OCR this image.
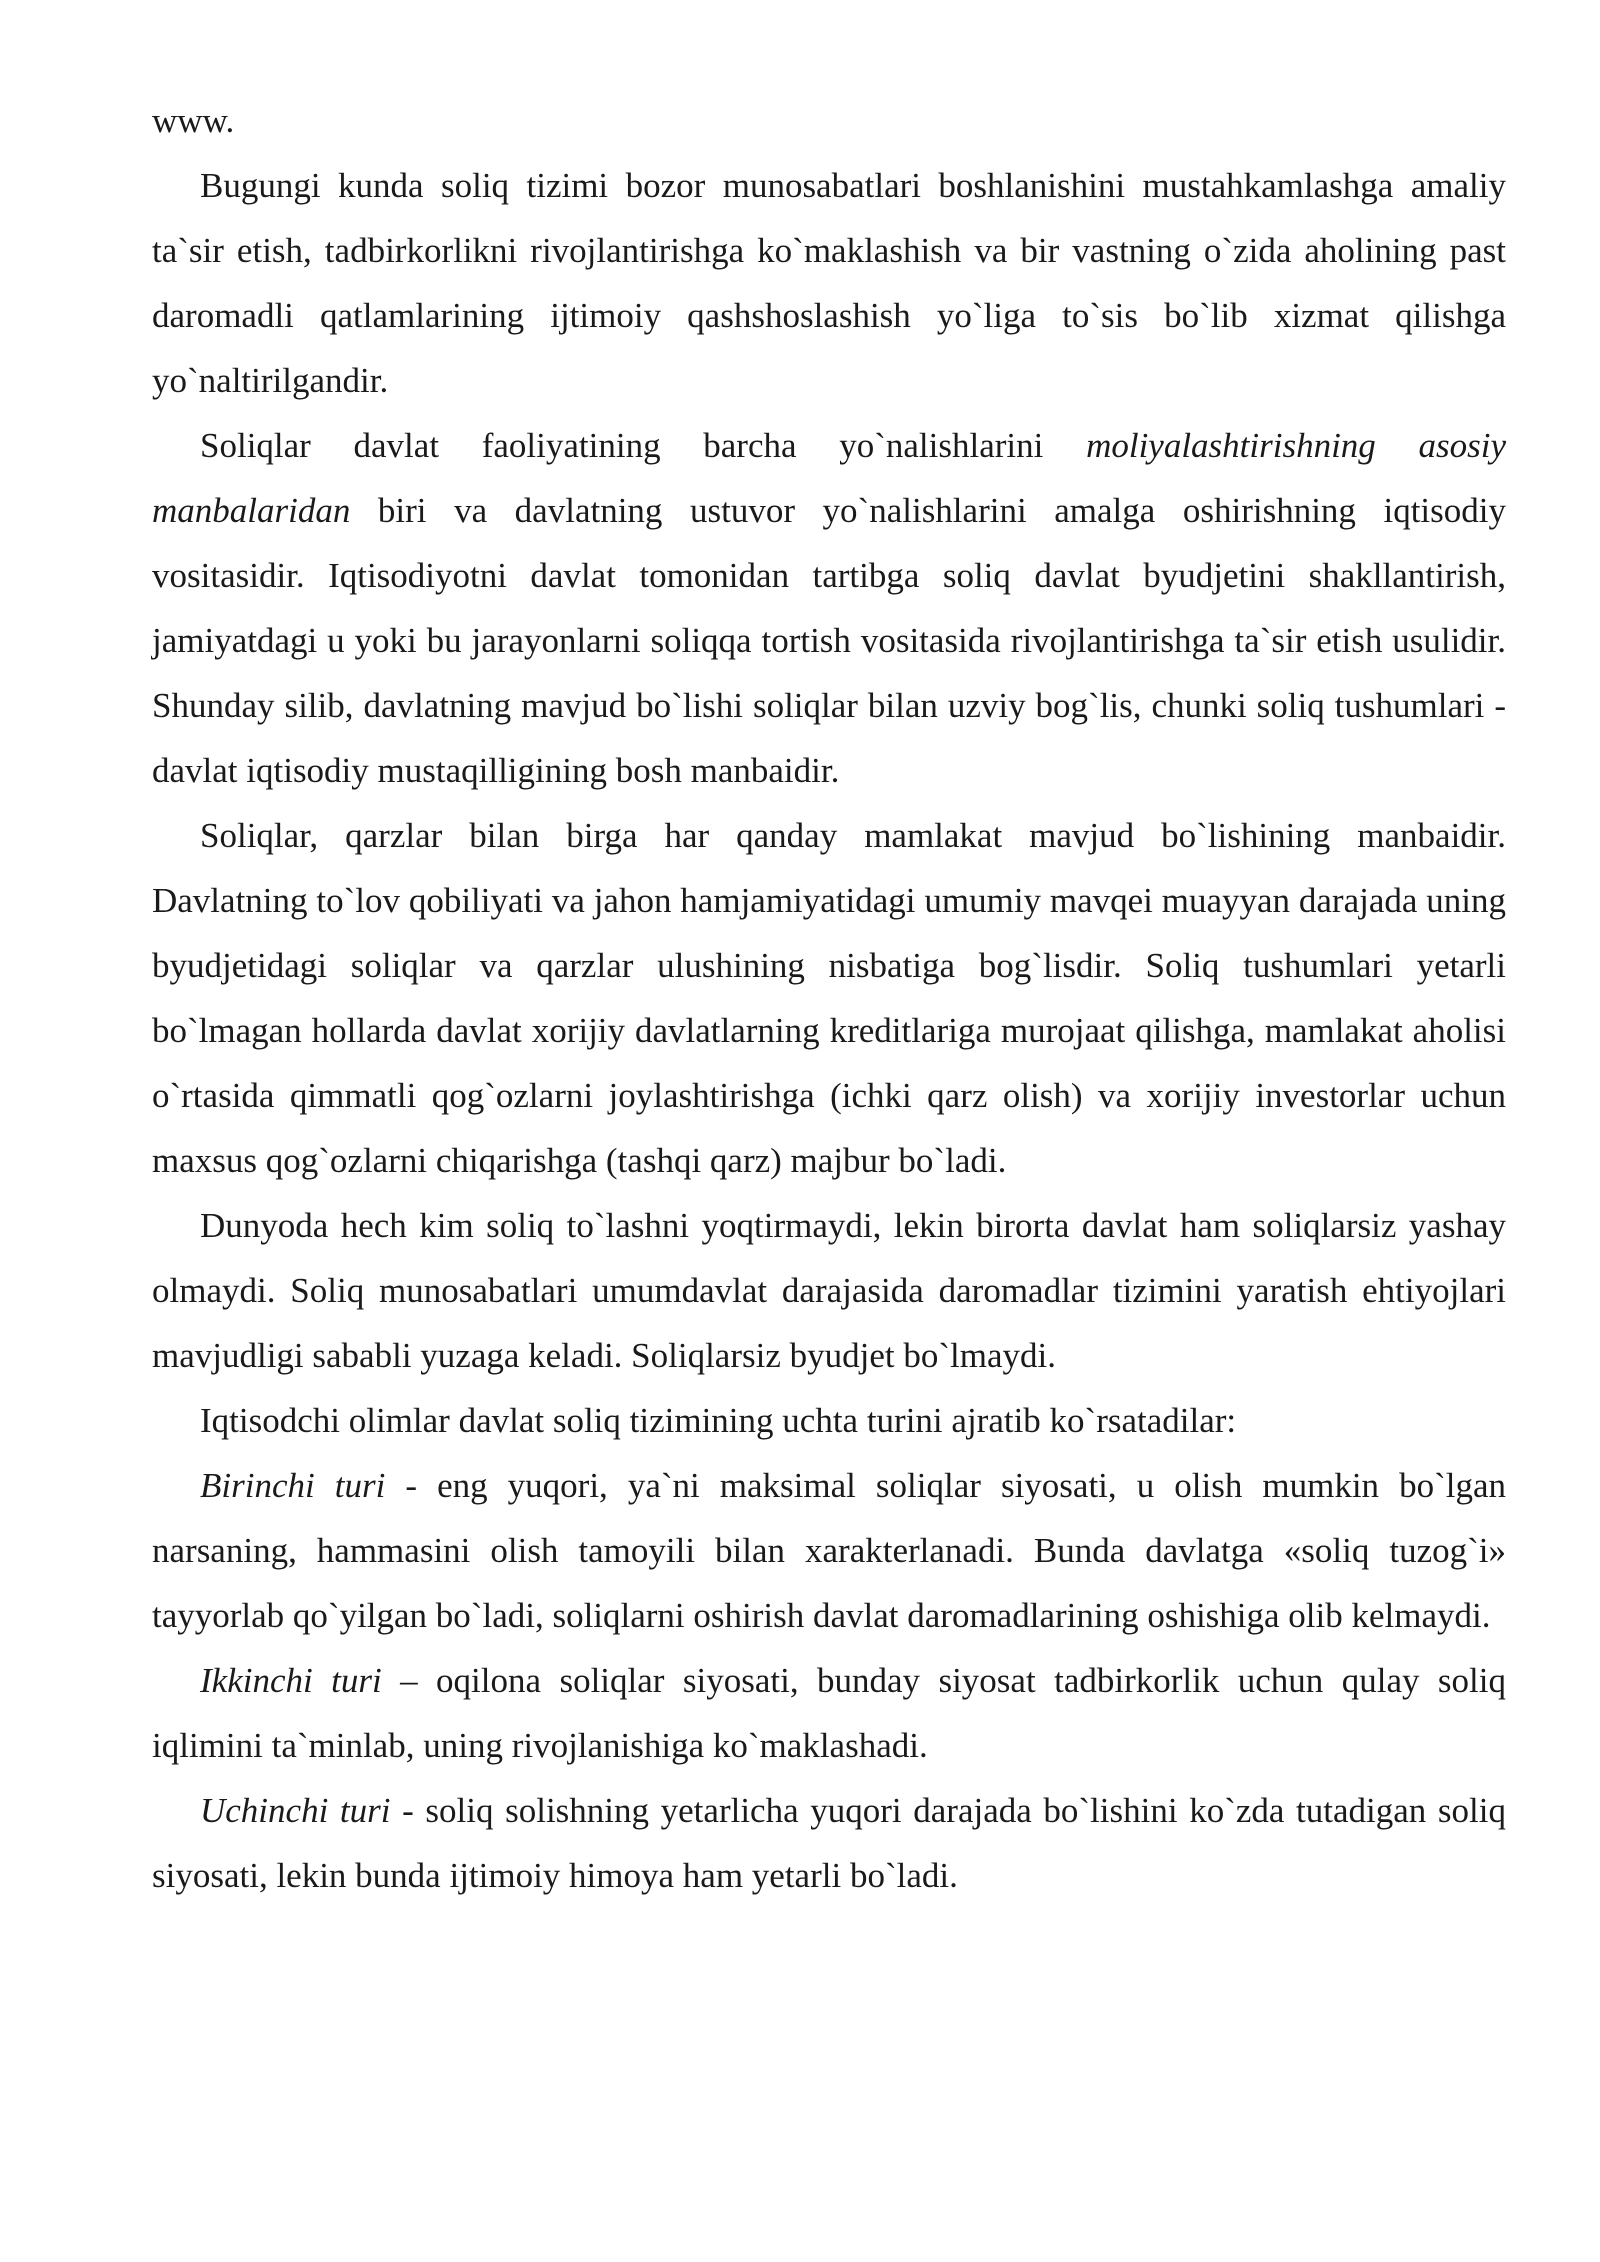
www.

Bugungi kunda soliq tizimi bozor munosabatlari boshlanishini mustahkamlashga amaliy ta`sir etish, tadbirkorlikni rivojlantirishga ko`maklashish va bir vastning o`zida aholining past daromadli qatlamlarining ijtimoiy qashshoslashish yo`liga to`sis bo`lib xizmat qilishga yo`naltirilgandir.

Soliqlar davlat faoliyatining barcha yo`nalishlarini moliyalashtirishning asosiy manbalaridan biri va davlatning ustuvor yo`nalishlarini amalga oshirishning iqtisodiy vositasidir. Iqtisodiyotni davlat tomonidan tartibga soliq davlat byudjetini shakllantirish, jamiyatdagi u yoki bu jarayonlarni soliqqa tortish vositasida rivojlantirishga ta`sir etish usulidir. Shunday silib, davlatning mavjud bo`lishi soliqlar bilan uzviy bog`lis, chunki soliq tushumlari - davlat iqtisodiy mustaqilligining bosh manbaidir.

Soliqlar, qarzlar bilan birga har qanday mamlakat mavjud bo`lishining manbaidir. Davlatning to`lov qobiliyati va jahon hamjamiyatidagi umumiy mavqei muayyan darajada uning byudjetidagi soliqlar va qarzlar ulushining nisbatiga bog`lisdir. Soliq tushumlari yetarli bo`lmagan hollarda davlat xorijiy davlatlarning kreditlariga murojaat qilishga, mamlakat aholisi o`rtasida qimmatli qog`ozlarni joylashtirishga (ichki qarz olish) va xorijiy investorlar uchun maxsus qog`ozlarni chiqarishga (tashqi qarz) majbur bo`ladi.

Dunyoda hech kim soliq to`lashni yoqtirmaydi, lekin birorta davlat ham soliqlarsiz yashay olmaydi. Soliq munosabatlari umumdavlat darajasida daromadlar tizimini yaratish ehtiyojlari mavjudligi sababli yuzaga keladi. Soliqlarsiz byudjet bo`lmaydi.

Iqtisodchi olimlar davlat soliq tizimining uchta turini ajratib ko`rsatadilar:

Birinchi turi - eng yuqori, ya`ni maksimal soliqlar siyosati, u olish mumkin bo`lgan narsaning, hammasini olish tamoyili bilan xarakterlanadi. Bunda davlatga «soliq tuzog`i» tayyorlab qo`yilgan bo`ladi, soliqlarni oshirish davlat daromadlarining oshishiga olib kelmaydi.

Ikkinchi turi – oqilona soliqlar siyosati, bunday siyosat tadbirkorlik uchun qulay soliq iqlimini ta`minlab, uning rivojlanishiga ko`maklashadi.

Uchinchi turi - soliq solishning yetarlicha yuqori darajada bo`lishini ko`zda tutadigan soliq siyosati, lekin bunda ijtimoiy himoya ham yetarli bo`ladi.
